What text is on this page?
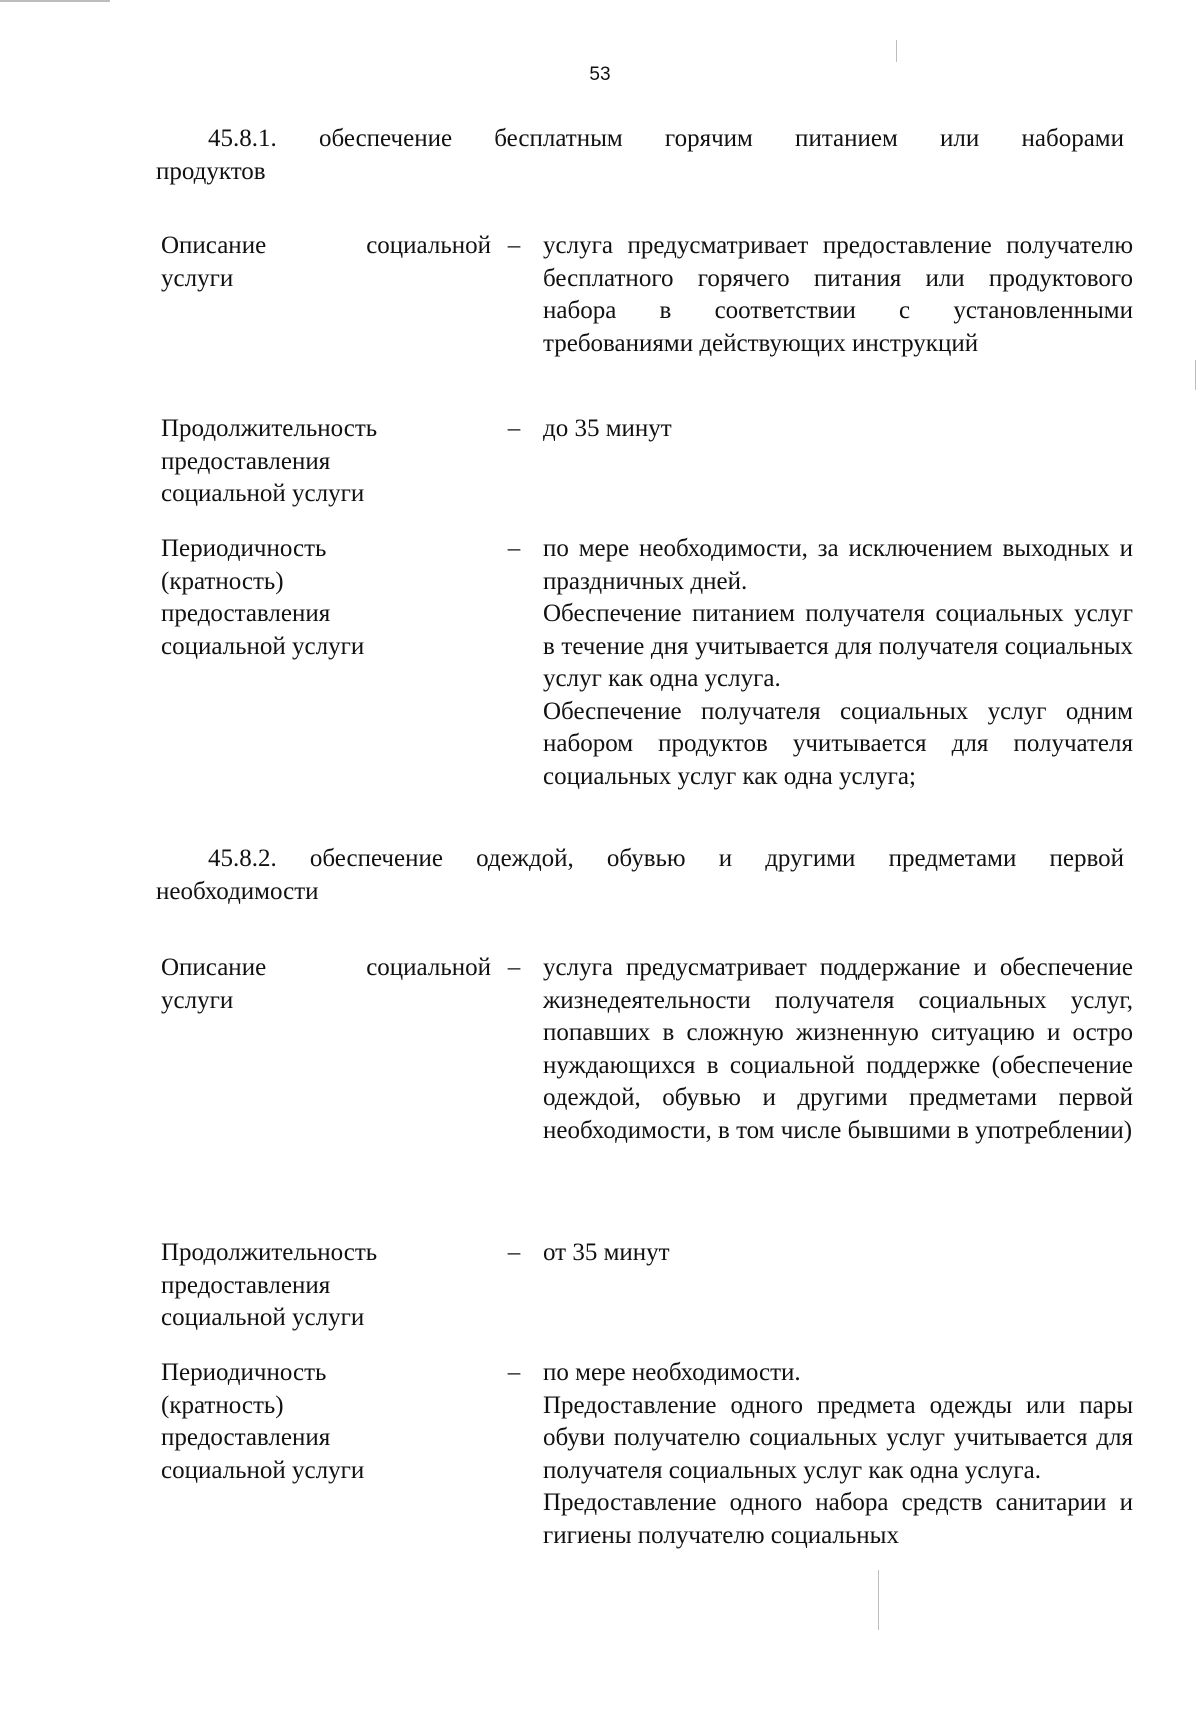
53
45.8.1. обеспечение бесплатным горячим питанием или наборами
продуктов
Описание социальной
услуги
– услуга предусматривает предоставление получателю бесплатного горячего питания или продуктового набора в соответствии с установленными требованиями действующих инструкций

Продолжительность
предоставления
социальной услуги
– до 35 минут

Периодичность
(кратность)
предоставления
социальной услуги
– по мере необходимости, за исключением выходных и праздничных дней.

Обеспечение питанием получателя социальных услуг в течение дня учитывается для получателя социальных услуг как одна услуга.

Обеспечение получателя социальных услуг одним набором продуктов учитывается для получателя социальных услуг как одна услуга;

45.8.2. обеспечение одеждой, обувью и другими предметами первой
необходимости
Описание социальной
услуги
– услуга предусматривает поддержание и обеспечение жизнедеятельности получателя социальных услуг, попавших в сложную жизненную ситуацию и остро нуждающихся в социальной поддержке (обеспечение одеждой, обувью и другими предметами первой необходимости, в том числе бывшими в употреблении)

Продолжительность
предоставления
социальной услуги
– от 35 минут

Периодичность
(кратность)
предоставления
социальной услуги
– по мере необходимости.

Предоставление одного предмета одежды или пары обуви получателю социальных услуг учитывается для получателя социальных услуг как одна услуга.

Предоставление одного набора средств санитарии и гигиены получателю социальных
